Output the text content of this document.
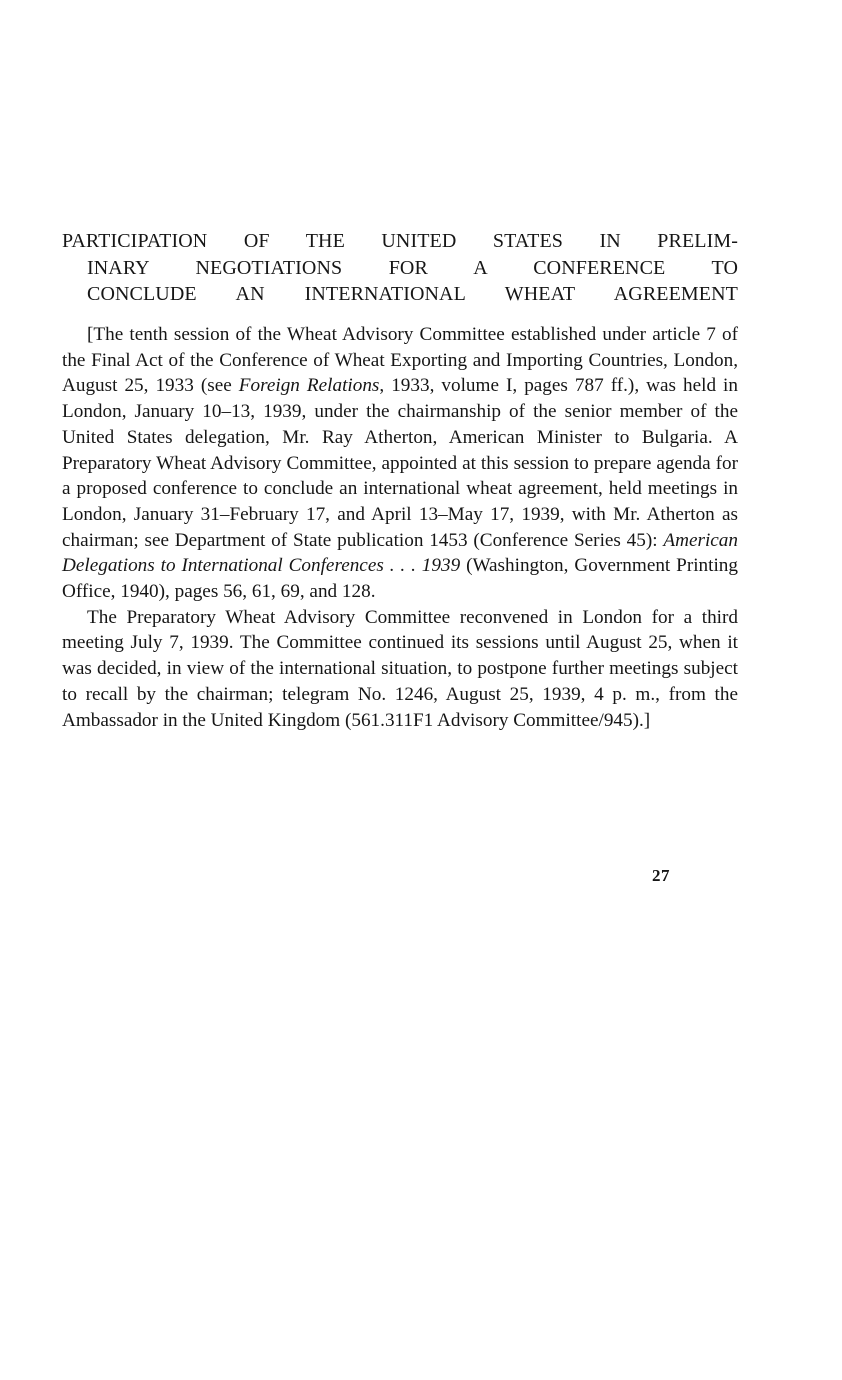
PARTICIPATION OF THE UNITED STATES IN PRELIM-
INARY NEGOTIATIONS FOR A CONFERENCE TO
CONCLUDE AN INTERNATIONAL WHEAT AGREEMENT

[The tenth session of the Wheat Advisory Committee established under article 7 of the Final Act of the Conference of Wheat Exporting and Importing Countries, London, August 25, 1933 (see Foreign Relations, 1933, volume I, pages 787 ff.), was held in London, January 10–13, 1939, under the chairmanship of the senior member of the United States delegation, Mr. Ray Atherton, American Minister to Bulgaria. A Preparatory Wheat Advisory Committee, appointed at this session to prepare agenda for a proposed conference to conclude an international wheat agreement, held meetings in London, January 31–February 17, and April 13–May 17, 1939, with Mr. Atherton as chairman; see Department of State publication 1453 (Conference Series 45): American Delegations to International Conferences . . . 1939 (Washington, Government Printing Office, 1940), pages 56, 61, 69, and 128.

The Preparatory Wheat Advisory Committee reconvened in London for a third meeting July 7, 1939. The Committee continued its sessions until August 25, when it was decided, in view of the international situation, to postpone further meetings subject to recall by the chairman; telegram No. 1246, August 25, 1939, 4 p. m., from the Ambassador in the United Kingdom (561.311F1 Advisory Committee/945).]

27
